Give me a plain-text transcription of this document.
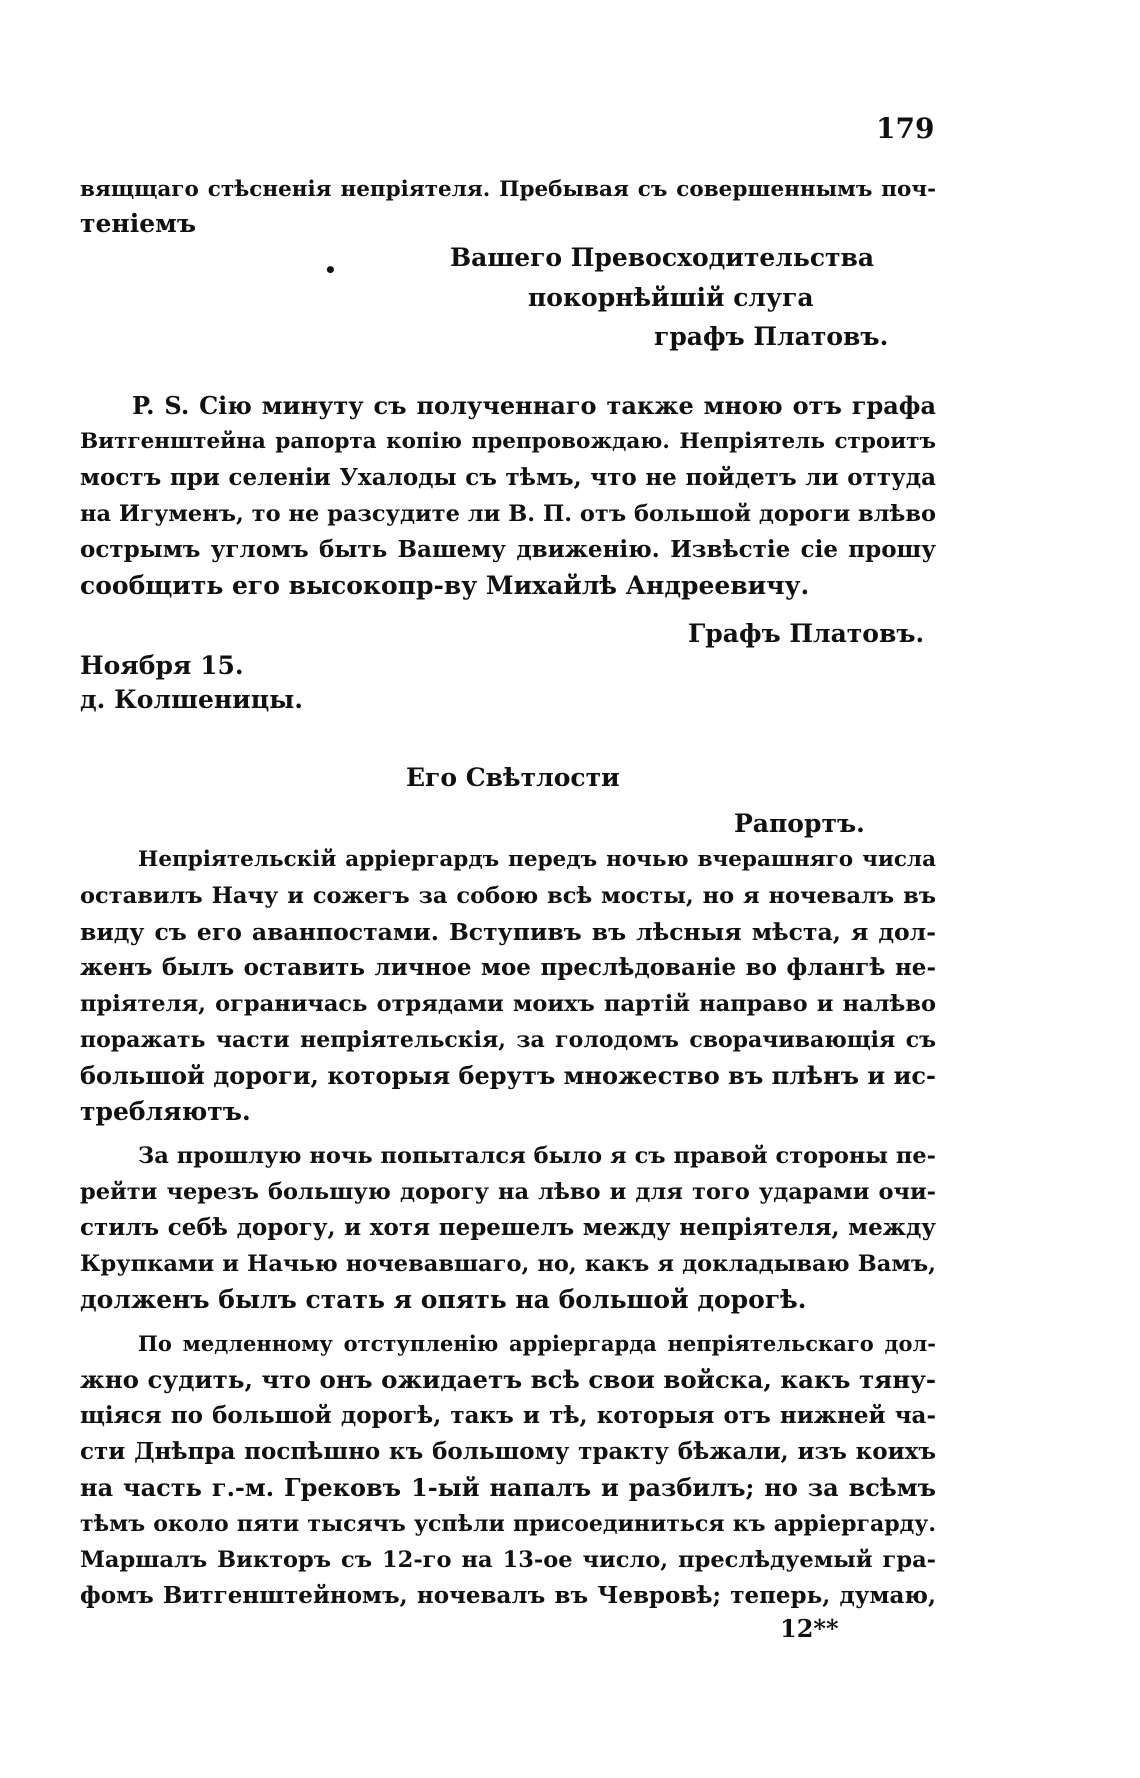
179
вящщаго стѣсненія непріятеля. Пребывая съ совершеннымъ поч-
теніемъ
•	Вашего Превосходительства
покорнѣйшій слуга
графъ Платовъ.
P. S. Сію минуту съ полученнаго также мною отъ графа
Витгенштейна рапорта копію препровождаю. Непріятель строитъ
мостъ при селеніи Ухалоды съ тѣмъ, что не пойдетъ ли оттуда
на Игуменъ, то не разсудите ли В. П. отъ большой дороги влѣво
острымъ угломъ быть Вашему движенію. Извѣстіе сіе прошу
сообщить его высокопр-ву Михайлѣ Андреевичу.
Графъ Платовъ.
Ноября 15.
д. Колшеницы.
Его Свѣтлости
Рапортъ.
Непріятельскій арріергардъ передъ ночью вчерашняго числа
оставилъ Начу и сожегъ за собою всѣ мосты, но я ночевалъ въ
виду съ его аванпостами. Вступивъ въ лѣсныя мѣста, я дол-
женъ былъ оставить личное мое преслѣдованіе во флангѣ не-
пріятеля, ограничась отрядами моихъ партій направо и налѣво
поражать части непріятельскія, за голодомъ сворачивающія съ
большой дороги, которыя берутъ множество въ плѣнъ и ис-
требляютъ.
За прошлую ночь попытался было я съ правой стороны пе-
рейти черезъ большую дорогу на лѣво и для того ударами очи-
стилъ себѣ дорогу, и хотя перешелъ между непріятеля, между
Крупками и Начью ночевавшаго, но, какъ я докладываю Вамъ,
долженъ былъ стать я опять на большой дорогѣ.
По медленному отступленію арріергарда непріятельскаго дол-
жно судить, что онъ ожидаетъ всѣ свои войска, какъ тяну-
щіяся по большой дорогѣ, такъ и тѣ, которыя отъ нижней ча-
сти Днѣпра поспѣшно къ большому тракту бѣжали, изъ коихъ
на часть г.-м. Грековъ 1-ый напалъ и разбилъ; но за всѣмъ
тѣмъ около пяти тысячъ успѣли присоединиться къ арріергарду.
Маршалъ Викторъ съ 12-го на 13-ое число, преслѣдуемый гра-
фомъ Витгенштейномъ, ночевалъ въ Чевровѣ; теперь, думаю,
12**
